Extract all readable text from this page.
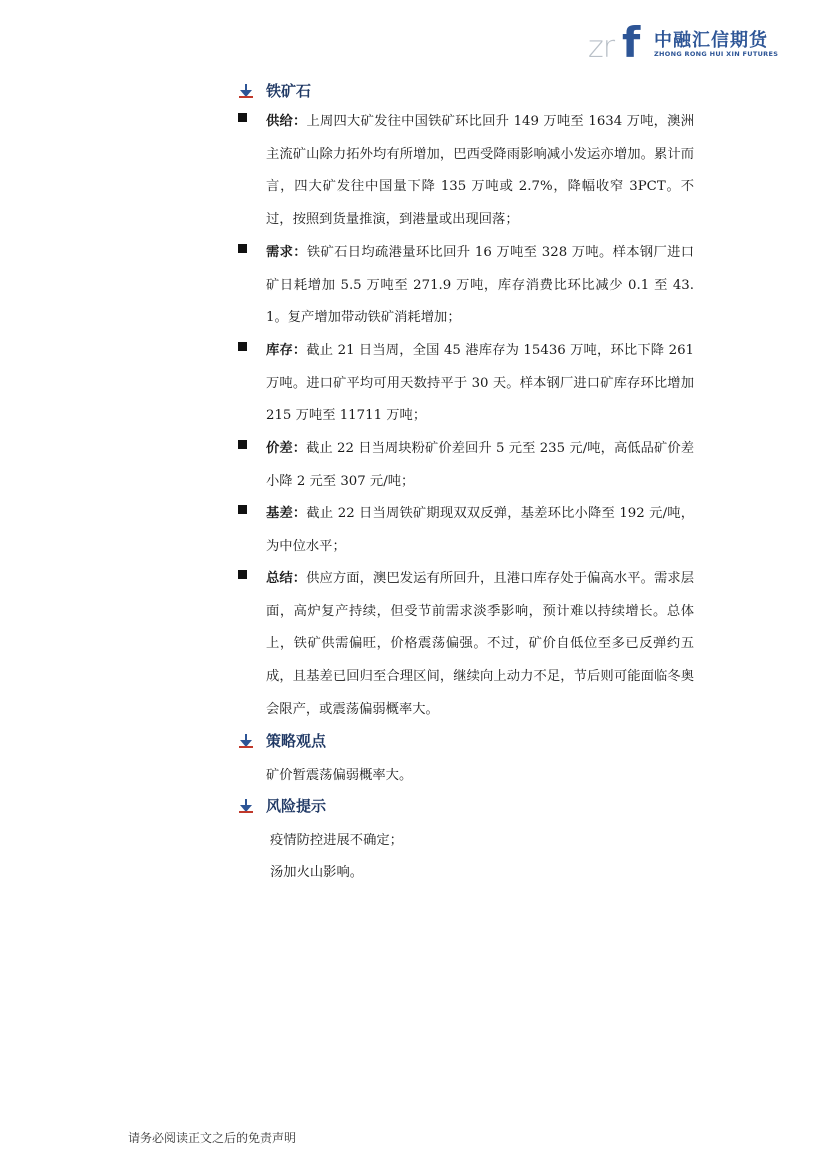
zr f 中融汇信期货
ZHONG RONG HUI XIN FUTURES
铁矿石
供给：上周四大矿发往中国铁矿环比回升 149 万吨至 1634 万吨，澳洲主流矿山除力拓外均有所增加，巴西受降雨影响减小发运亦增加。累计而言，四大矿发往中国量下降 135 万吨或 2.7%，降幅收窄 3PCT。不过，按照到货量推演，到港量或出现回落；
需求：铁矿石日均疏港量环比回升 16 万吨至 328 万吨。样本钢厂进口矿日耗增加 5.5 万吨至 271.9 万吨，库存消费比环比减少 0.1 至 43.1。复产增加带动铁矿消耗增加；
库存：截止 21 日当周，全国 45 港库存为 15436 万吨，环比下降 261 万吨。进口矿平均可用天数持平于 30 天。样本钢厂进口矿库存环比增加 215 万吨至 11711 万吨；
价差：截止 22 日当周块粉矿价差回升 5 元至 235 元/吨，高低品矿价差小降 2 元至 307 元/吨；
基差：截止 22 日当周铁矿期现双双反弹，基差环比小降至 192 元/吨，为中位水平；
总结：供应方面，澳巴发运有所回升，且港口库存处于偏高水平。需求层面，高炉复产持续，但受节前需求淡季影响，预计难以持续增长。总体上，铁矿供需偏旺，价格震荡偏强。不过，矿价自低位至多已反弹约五成，且基差已回归至合理区间，继续向上动力不足，节后则可能面临冬奥会限产，或震荡偏弱概率大。
策略观点
矿价暂震荡偏弱概率大。
风险提示
疫情防控进展不确定；
汤加火山影响。
请务必阅读正文之后的免责声明
